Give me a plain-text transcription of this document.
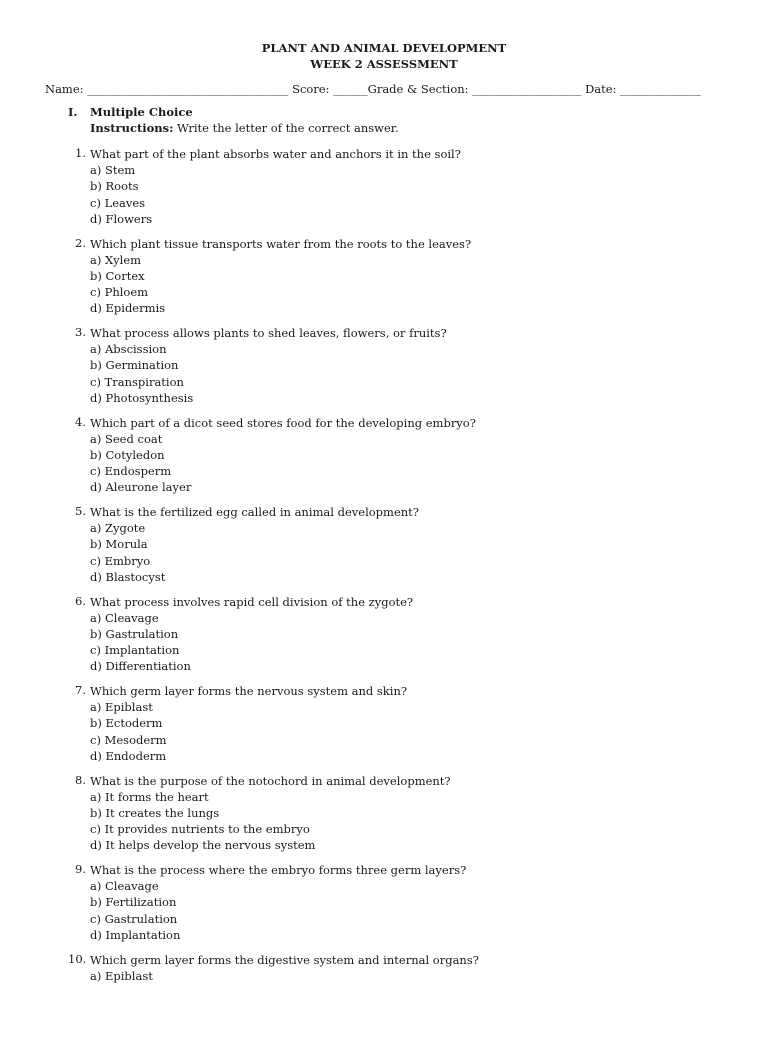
PLANT AND ANIMAL DEVELOPMENT
WEEK 2 ASSESSMENT
Name: ___________________________________ Score: ______Grade & Section: ___________________ Date: ______________
I. Multiple Choice
Instructions: Write the letter of the correct answer.
1. What part of the plant absorbs water and anchors it in the soil?
a) Stem
b) Roots
c) Leaves
d) Flowers
2. Which plant tissue transports water from the roots to the leaves?
a) Xylem
b) Cortex
c) Phloem
d) Epidermis
3. What process allows plants to shed leaves, flowers, or fruits?
a) Abscission
b) Germination
c) Transpiration
d) Photosynthesis
4. Which part of a dicot seed stores food for the developing embryo?
a) Seed coat
b) Cotyledon
c) Endosperm
d) Aleurone layer
5. What is the fertilized egg called in animal development?
a) Zygote
b) Morula
c) Embryo
d) Blastocyst
6. What process involves rapid cell division of the zygote?
a) Cleavage
b) Gastrulation
c) Implantation
d) Differentiation
7. Which germ layer forms the nervous system and skin?
a) Epiblast
b) Ectoderm
c) Mesoderm
d) Endoderm
8. What is the purpose of the notochord in animal development?
a) It forms the heart
b) It creates the lungs
c) It provides nutrients to the embryo
d) It helps develop the nervous system
9. What is the process where the embryo forms three germ layers?
a) Cleavage
b) Fertilization
c) Gastrulation
d) Implantation
10. Which germ layer forms the digestive system and internal organs?
a) Epiblast
